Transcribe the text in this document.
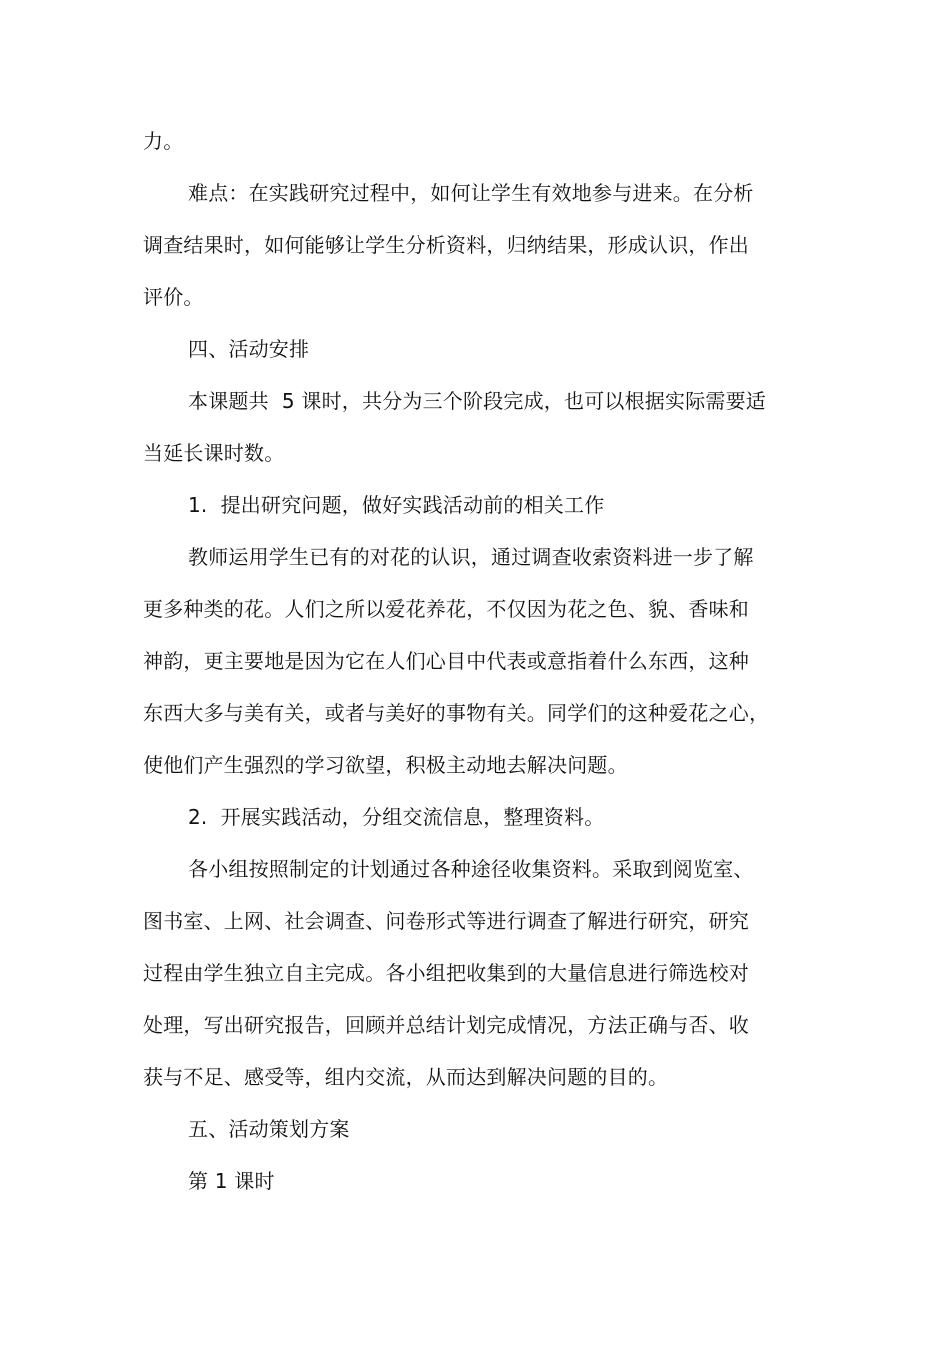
力。
难点：在实践研究过程中，如何让学生有效地参与进来。在分析
调查结果时，如何能够让学生分析资料，归纳结果，形成认识，作出
评价。
四、活动安排
本课题共  5 课时，共分为三个阶段完成，也可以根据实际需要适
当延长课时数。
1.  提出研究问题，做好实践活动前的相关工作
教师运用学生已有的对花的认识，通过调查收索资料进一步了解
更多种类的花。人们之所以爱花养花，不仅因为花之色、貌、香味和
神韵，更主要地是因为它在人们心目中代表或意指着什么东西，这种
东西大多与美有关，或者与美好的事物有关。同学们的这种爱花之心，
使他们产生强烈的学习欲望，积极主动地去解决问题。
2.  开展实践活动，分组交流信息，整理资料。
各小组按照制定的计划通过各种途径收集资料。采取到阅览室、
图书室、上网、社会调查、问卷形式等进行调查了解进行研究，研究
过程由学生独立自主完成。各小组把收集到的大量信息进行筛选校对
处理，写出研究报告，回顾并总结计划完成情况，方法正确与否、收
获与不足、感受等，组内交流，从而达到解决问题的目的。
五、活动策划方案
第 1 课时
